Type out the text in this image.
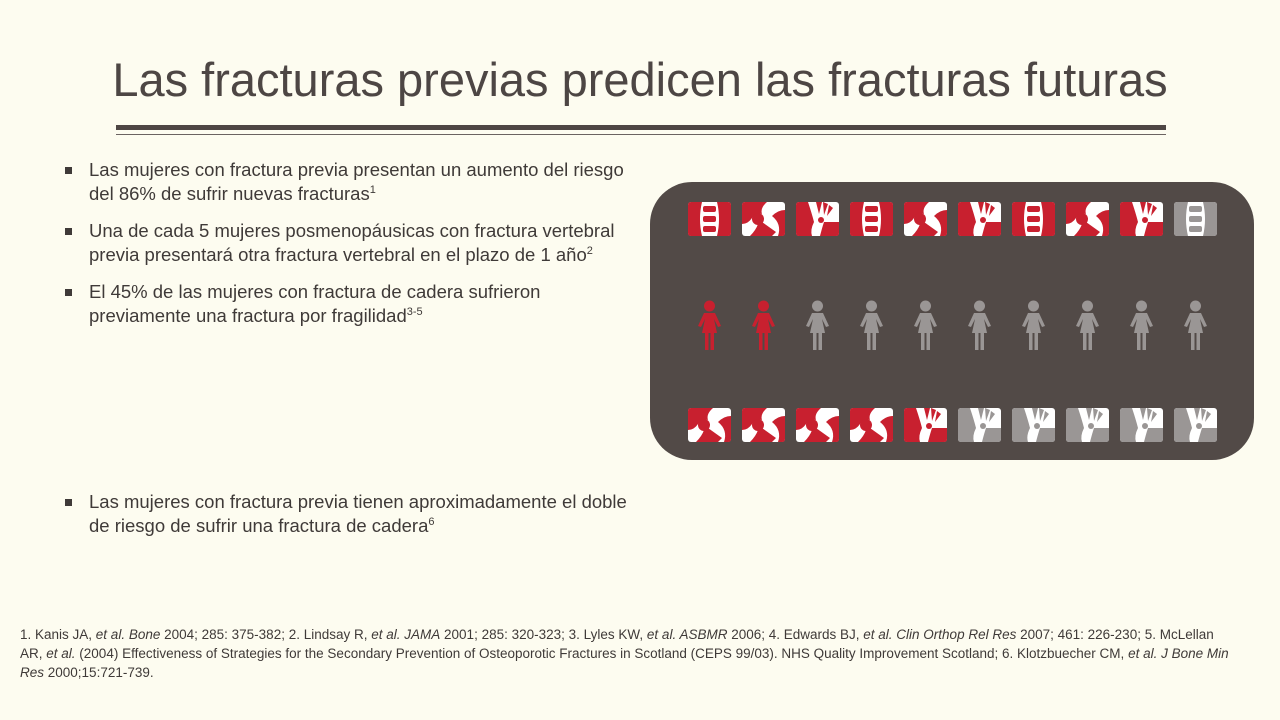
Las fracturas previas predicen las fracturas futuras
Las mujeres con fractura previa presentan un aumento del riesgo del 86% de sufrir nuevas fracturas$^1$
Una de cada 5 mujeres posmenopáusicas con fractura vertebral previa presentará otra fractura vertebral en el plazo de 1 año$^2$
El 45% de las mujeres con fractura de cadera sufrieron previamente una fractura por fragilidad$^{3-5}$
Las mujeres con fractura previa tienen aproximadamente el doble de riesgo de sufrir una fractura de cadera$^6$
1. Kanis JA, et al. Bone 2004; 285: 375-382; 2. Lindsay R, et al. JAMA 2001; 285: 320-323; 3. Lyles KW, et al. ASBMR 2006; 4. Edwards BJ, et al. Clin Orthop Rel Res 2007; 461: 226-230; 5. McLellan AR, et al. (2004) Effectiveness of Strategies for the Secondary Prevention of Osteoporotic Fractures in Scotland (CEPS 99/03). NHS Quality Improvement Scotland; 6. Klotzbuecher CM, et al. J Bone Min Res 2000;15:721-739.
